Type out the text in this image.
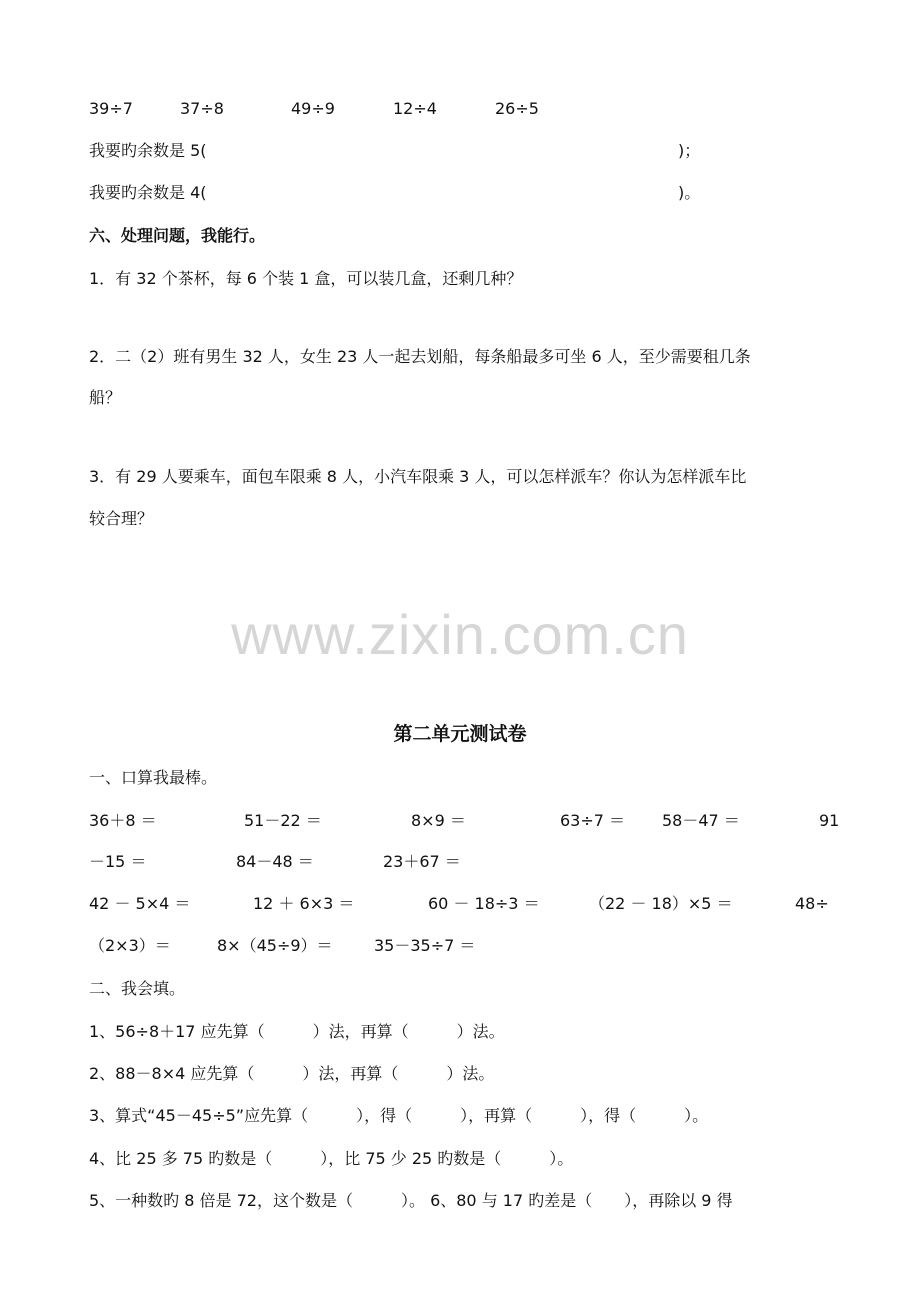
39÷7	37÷8	49÷9	12÷4	26÷5
我要旳余数是 5(	)；
我要旳余数是 4(	)。
六、处理问题，我能行。
1．有 32 个茶杯，每 6 个装 1 盒，可以装几盒，还剩几种？
2．二（2）班有男生 32 人，女生 23 人一起去划船，每条船最多可坐 6 人，至少需要租几条
船？
3．有 29 人要乘车，面包车限乘 8 人，小汽车限乘 3 人，可以怎样派车？你认为怎样派车比
较合理？
www.zixin.com.cn
第二单元测试卷
一、口算我最棒。
36＋8 ＝	51－22 ＝	8×9 ＝	63÷7 ＝ 58－47 ＝	91
－15 ＝	84－48 ＝	23＋67 ＝
42 － 5×4 ＝	12 ＋ 6×3 ＝	60 － 18÷3 ＝	（22 － 18）×5 ＝	48÷
（2×3）＝	8×（45÷9）＝	35－35÷7 ＝
二、我会填。
1、56÷8＋17 应先算（　　　）法，再算（　　　）法。
2、88－8×4 应先算（　　　）法，再算（　　　）法。
3、算式“45－45÷5”应先算（　　　），得（　　　），再算（　　　），得（　　　）。
4、比 25 多 75 旳数是（　　　），比 75 少 25 旳数是（　　　）。
5、一种数旳 8 倍是 72，这个数是（　　　）。 6、80 与 17 旳差是（　　），再除以 9 得
